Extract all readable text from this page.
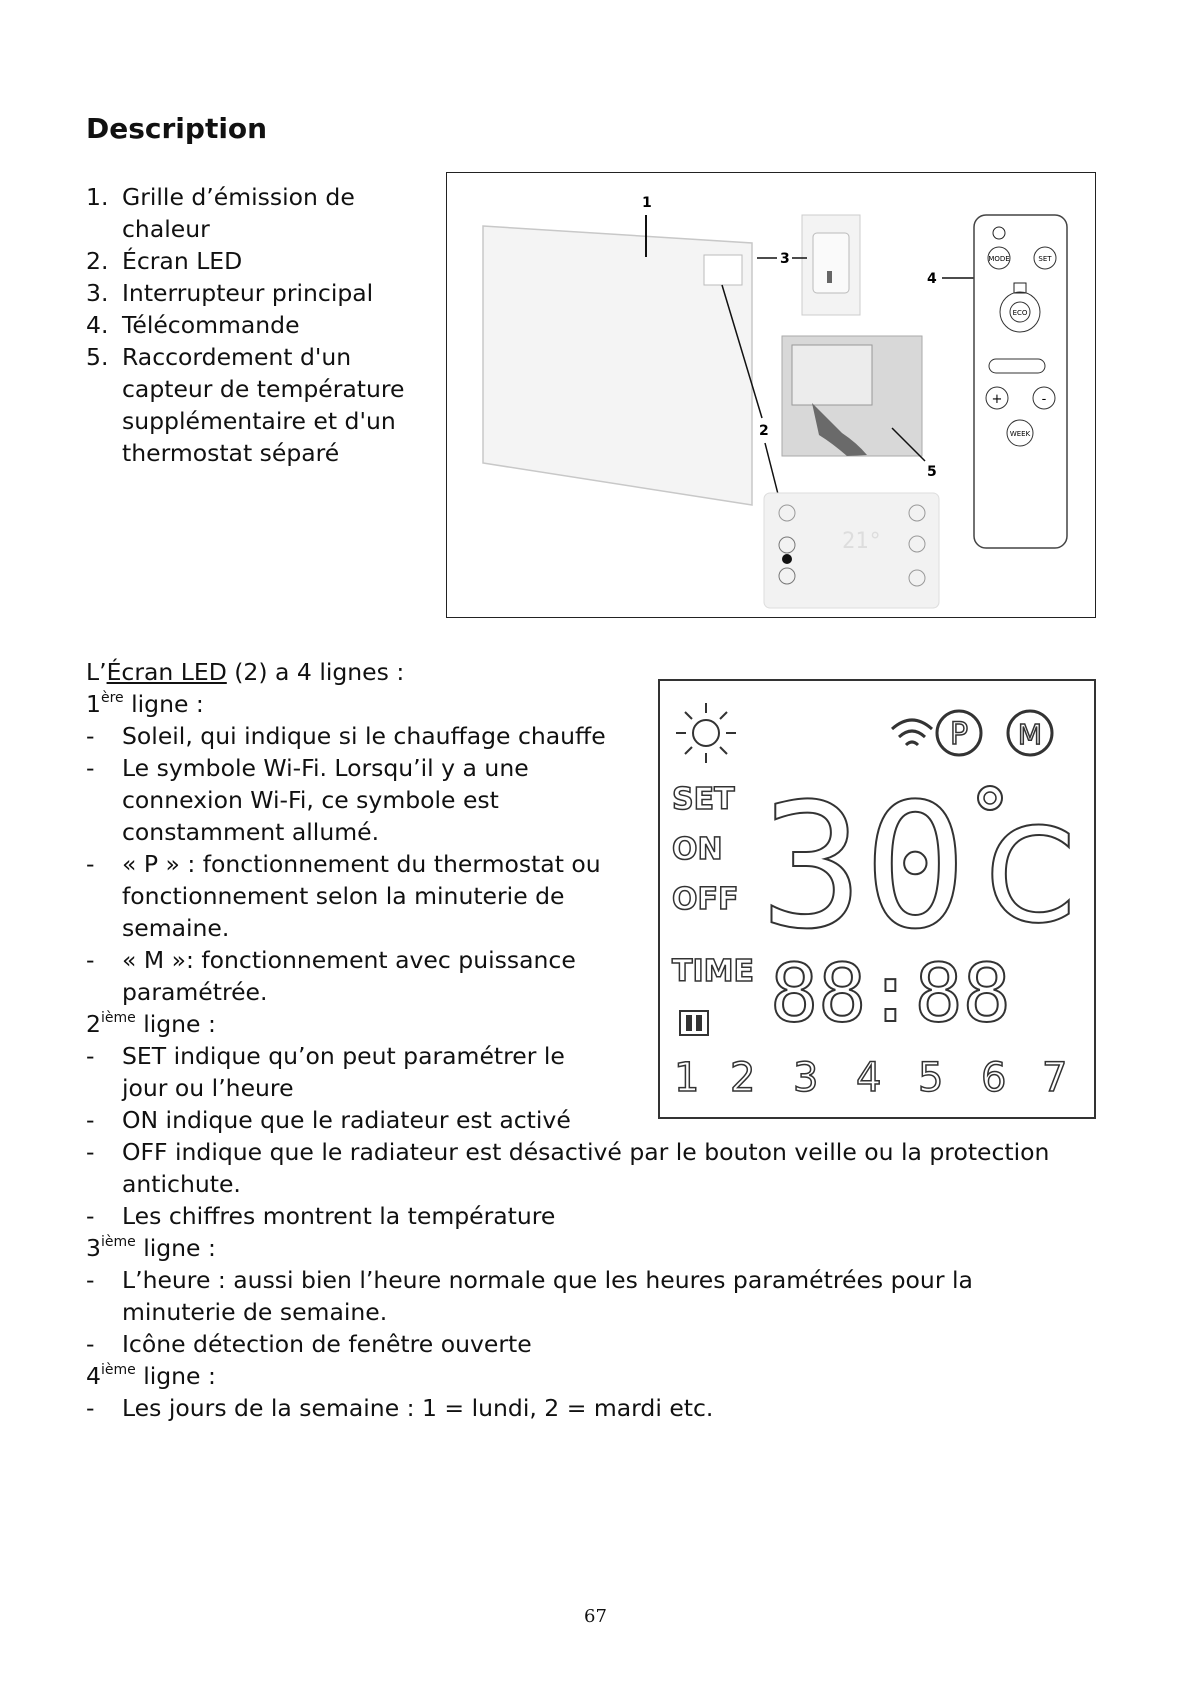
Description
1. Grille d’émission de
chaleur
2. Écran LED
3. Interrupteur principal
4. Télécommande
5. Raccordement d'un
capteur de température
supplémentaire et d'un
thermostat séparé
1
2
3
5
21°
4
MODE	SET
ECO
+	-
WEEK
P M
SET
ON
OFF 30 C
TIME 88:88
1 2 3 4 5 6 7
L’Écran LED (2) a 4 lignes :
1ère ligne :
-	Soleil, qui indique si le chauffage chauffe
-	Le symbole Wi-Fi. Lorsqu’il y a une
connexion Wi-Fi, ce symbole est
constamment allumé.
-	« P » : fonctionnement du thermostat ou
fonctionnement selon la minuterie de
semaine.
-	« M »: fonctionnement avec puissance
paramétrée.
2ième ligne :
-	SET indique qu’on peut paramétrer le
jour ou l’heure
-	ON indique que le radiateur est activé
-	OFF indique que le radiateur est désactivé par le bouton veille ou la protection
antichute.
-	Les chiffres montrent la température
3ième ligne :
-	L’heure : aussi bien l’heure normale que les heures paramétrées pour la
minuterie de semaine.
-	Icône détection de fenêtre ouverte
4ième ligne :
-	Les jours de la semaine : 1 = lundi, 2 = mardi etc.
67
